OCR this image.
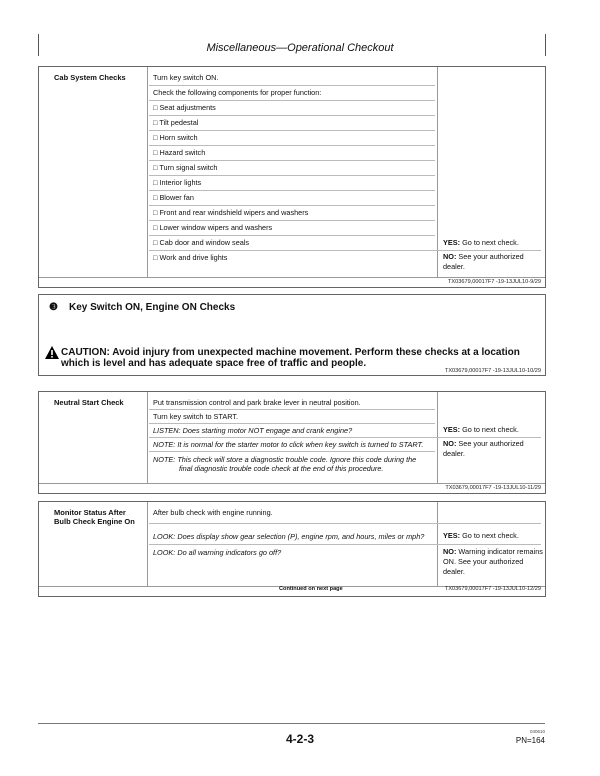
Miscellaneous—Operational Checkout
Cab System Checks	Turn key switch ON.
Check the following components for proper function:
□ Seat adjustments
□ Tilt pedestal
□ Horn switch
□ Hazard switch
□ Turn signal switch
□ Interior lights
□ Blower fan
□ Front and rear windshield wipers and washers
□ Lower window wipers and washers
□ Cab door and window seals
□ Work and drive lights
YES: Go to next check.
NO: See your authorized dealer.
TX03679,00017F7 -19-13JUL10-9/29
❸ Key Switch ON, Engine ON Checks
CAUTION: Avoid injury from unexpected machine movement. Perform these checks at a location
which is level and has adequate space free of traffic and people.
TX03679,00017F7 -19-13JUL10-10/29
Neutral Start Check	Put transmission control and park brake lever in neutral position.
Turn key switch to START.
LISTEN: Does starting motor NOT engage and crank engine?
NOTE: It is normal for the starter motor to click when key switch is turned to START.
NOTE: This check will store a diagnostic trouble code. Ignore this code during the
final diagnostic trouble code check at the end of this procedure.
YES: Go to next check.
NO: See your authorized dealer.
TX03679,00017F7 -19-13JUL10-11/29
Monitor Status After
Bulb Check Engine On
After bulb check with engine running.
LOOK: Does display show gear selection (P), engine rpm, and hours, miles or mph?
LOOK: Do all warning indicators go off?
YES: Go to next check.
NO: Warning indicator remains ON. See your authorized dealer.
Continued on next page	TX03679,00017F7 -19-13JUL10-12/29
4-2-3
040610
PN=164
